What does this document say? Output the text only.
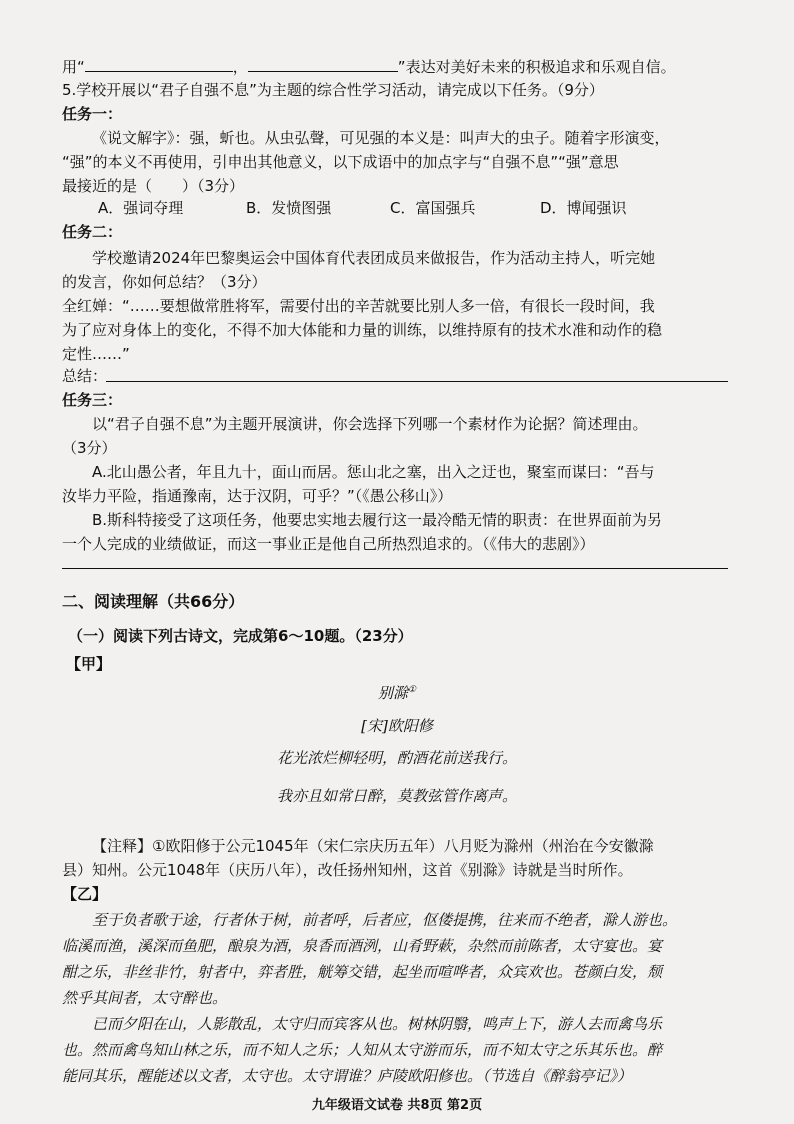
用“	，	”表达对美好未来的积极追求和乐观自信。
5.学校开展以“君子自强不息”为主题的综合性学习活动，请完成以下任务。（9分）
任务一：
《说文解字》：强，蚚也。从虫弘聲，可见强的本义是：叫声大的虫子。随着字形演变，
“强”的本义不再使用，引申出其他意义，以下成语中的加点字与“自强不息”“强”意思
最接近的是（　　）（3分）
A．强词夺理	B．发愤图强	C．富国强兵	D．博闻强识
任务二：
学校邀请2024年巴黎奥运会中国体育代表团成员来做报告，作为活动主持人，听完她
的发言，你如何总结？（3分）
全红婵：“……要想做常胜将军，需要付出的辛苦就要比别人多一倍，有很长一段时间，我
为了应对身体上的变化，不得不加大体能和力量的训练，以维持原有的技术水准和动作的稳
定性……”
总结：
任务三：
以“君子自强不息”为主题开展演讲，你会选择下列哪一个素材作为论据？简述理由。
（3分）
A.北山愚公者，年且九十，面山而居。惩山北之塞，出入之迂也，聚室而谋曰：“吾与
汝毕力平险，指通豫南，达于汉阴，可乎？”（《愚公移山》）
B.斯科特接受了这项任务，他要忠实地去履行这一最冷酷无情的职责：在世界面前为另
一个人完成的业绩做证，而这一事业正是他自己所热烈追求的。（《伟大的悲剧》）
二、阅读理解（共66分）
（一）阅读下列古诗文，完成第6～10题。（23分）
【甲】
别滁①
[宋]欧阳修
花光浓烂柳轻明，酌酒花前送我行。
我亦且如常日醉，莫教弦管作离声。
【注释】①欧阳修于公元1045年（宋仁宗庆历五年）八月贬为滁州（州治在今安徽滁
县）知州。公元1048年（庆历八年），改任扬州知州，这首《别滁》诗就是当时所作。
【乙】
至于负者歌于途，行者休于树，前者呼，后者应，伛偻提携，往来而不绝者，滁人游也。
临溪而渔，溪深而鱼肥，酿泉为酒，泉香而酒洌，山肴野蔌，杂然而前陈者，太守宴也。宴
酣之乐，非丝非竹，射者中，弈者胜，觥筹交错，起坐而喧哗者，众宾欢也。苍颜白发，颓
然乎其间者，太守醉也。
已而夕阳在山，人影散乱，太守归而宾客从也。树林阴翳，鸣声上下，游人去而禽鸟乐
也。然而禽鸟知山林之乐，而不知人之乐；人知从太守游而乐，而不知太守之乐其乐也。醉
能同其乐，醒能述以文者，太守也。太守谓谁？庐陵欧阳修也。（节选自《醉翁亭记》）
九年级语文试卷 共8页 第2页
